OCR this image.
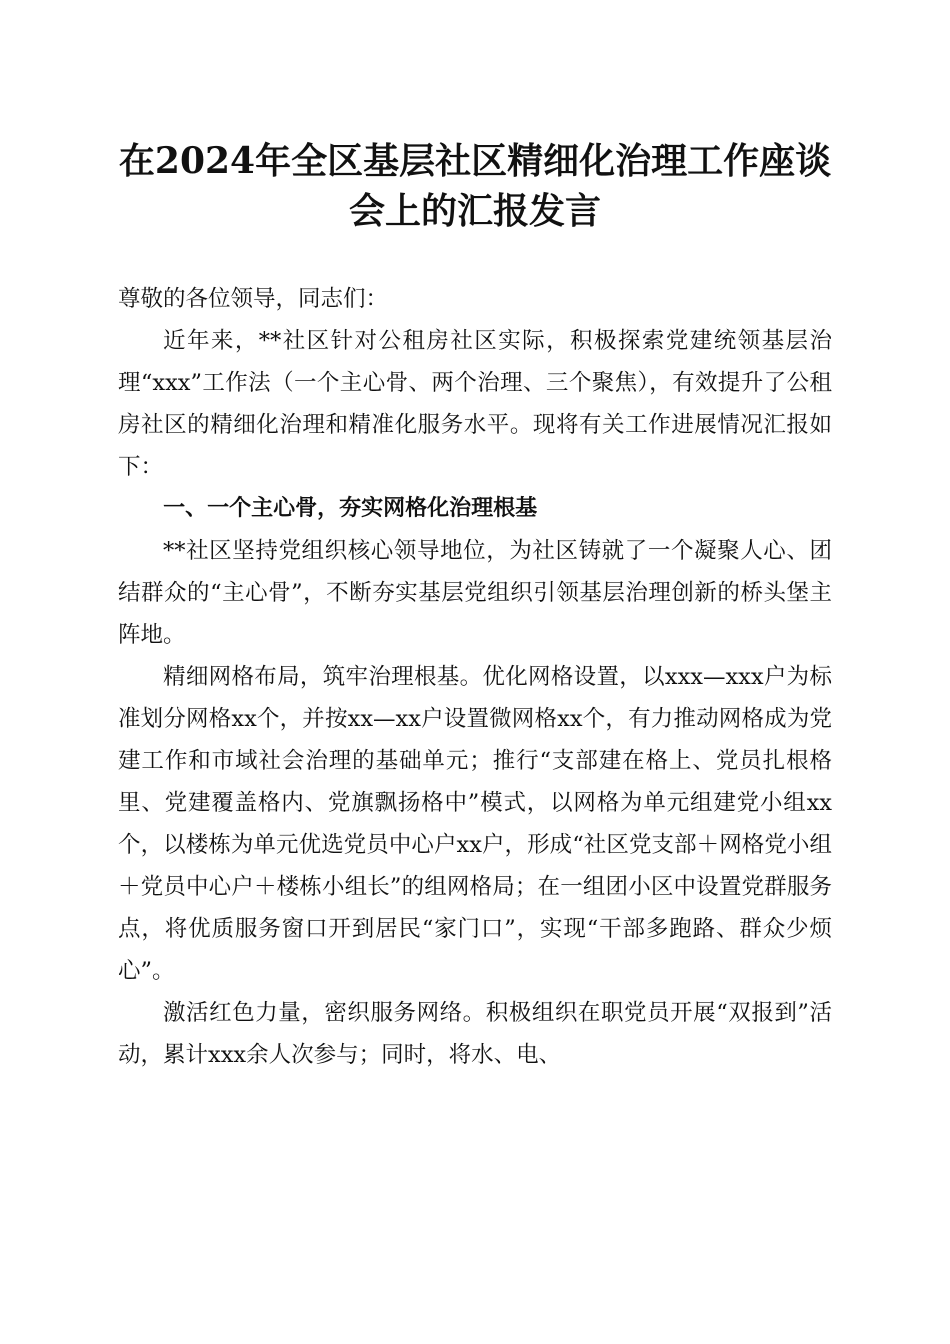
在2024年全区基层社区精细化治理工作座谈
会上的汇报发言

尊敬的各位领导，同志们：

近年来，**社区针对公租房社区实际，积极探索党建统领基层治理“xxx”工作法（一个主心骨、两个治理、三个聚焦），有效提升了公租房社区的精细化治理和精准化服务水平。现将有关工作进展情况汇报如下：

一、一个主心骨，夯实网格化治理根基

**社区坚持党组织核心领导地位，为社区铸就了一个凝聚人心、团结群众的“主心骨”，不断夯实基层党组织引领基层治理创新的桥头堡主阵地。

精细网格布局，筑牢治理根基。优化网格设置，以xxx—xxx户为标准划分网格xx个，并按xx—xx户设置微网格xx个，有力推动网格成为党建工作和市域社会治理的基础单元；推行“支部建在格上、党员扎根格里、党建覆盖格内、党旗飘扬格中”模式，以网格为单元组建党小组xx个，以楼栋为单元优选党员中心户xx户，形成“社区党支部＋网格党小组＋党员中心户＋楼栋小组长”的组网格局；在一组团小区中设置党群服务点，将优质服务窗口开到居民“家门口”，实现“干部多跑路、群众少烦心”。

激活红色力量，密织服务网络。积极组织在职党员开展“双报到”活动，累计xxx余人次参与；同时，将水、电、
